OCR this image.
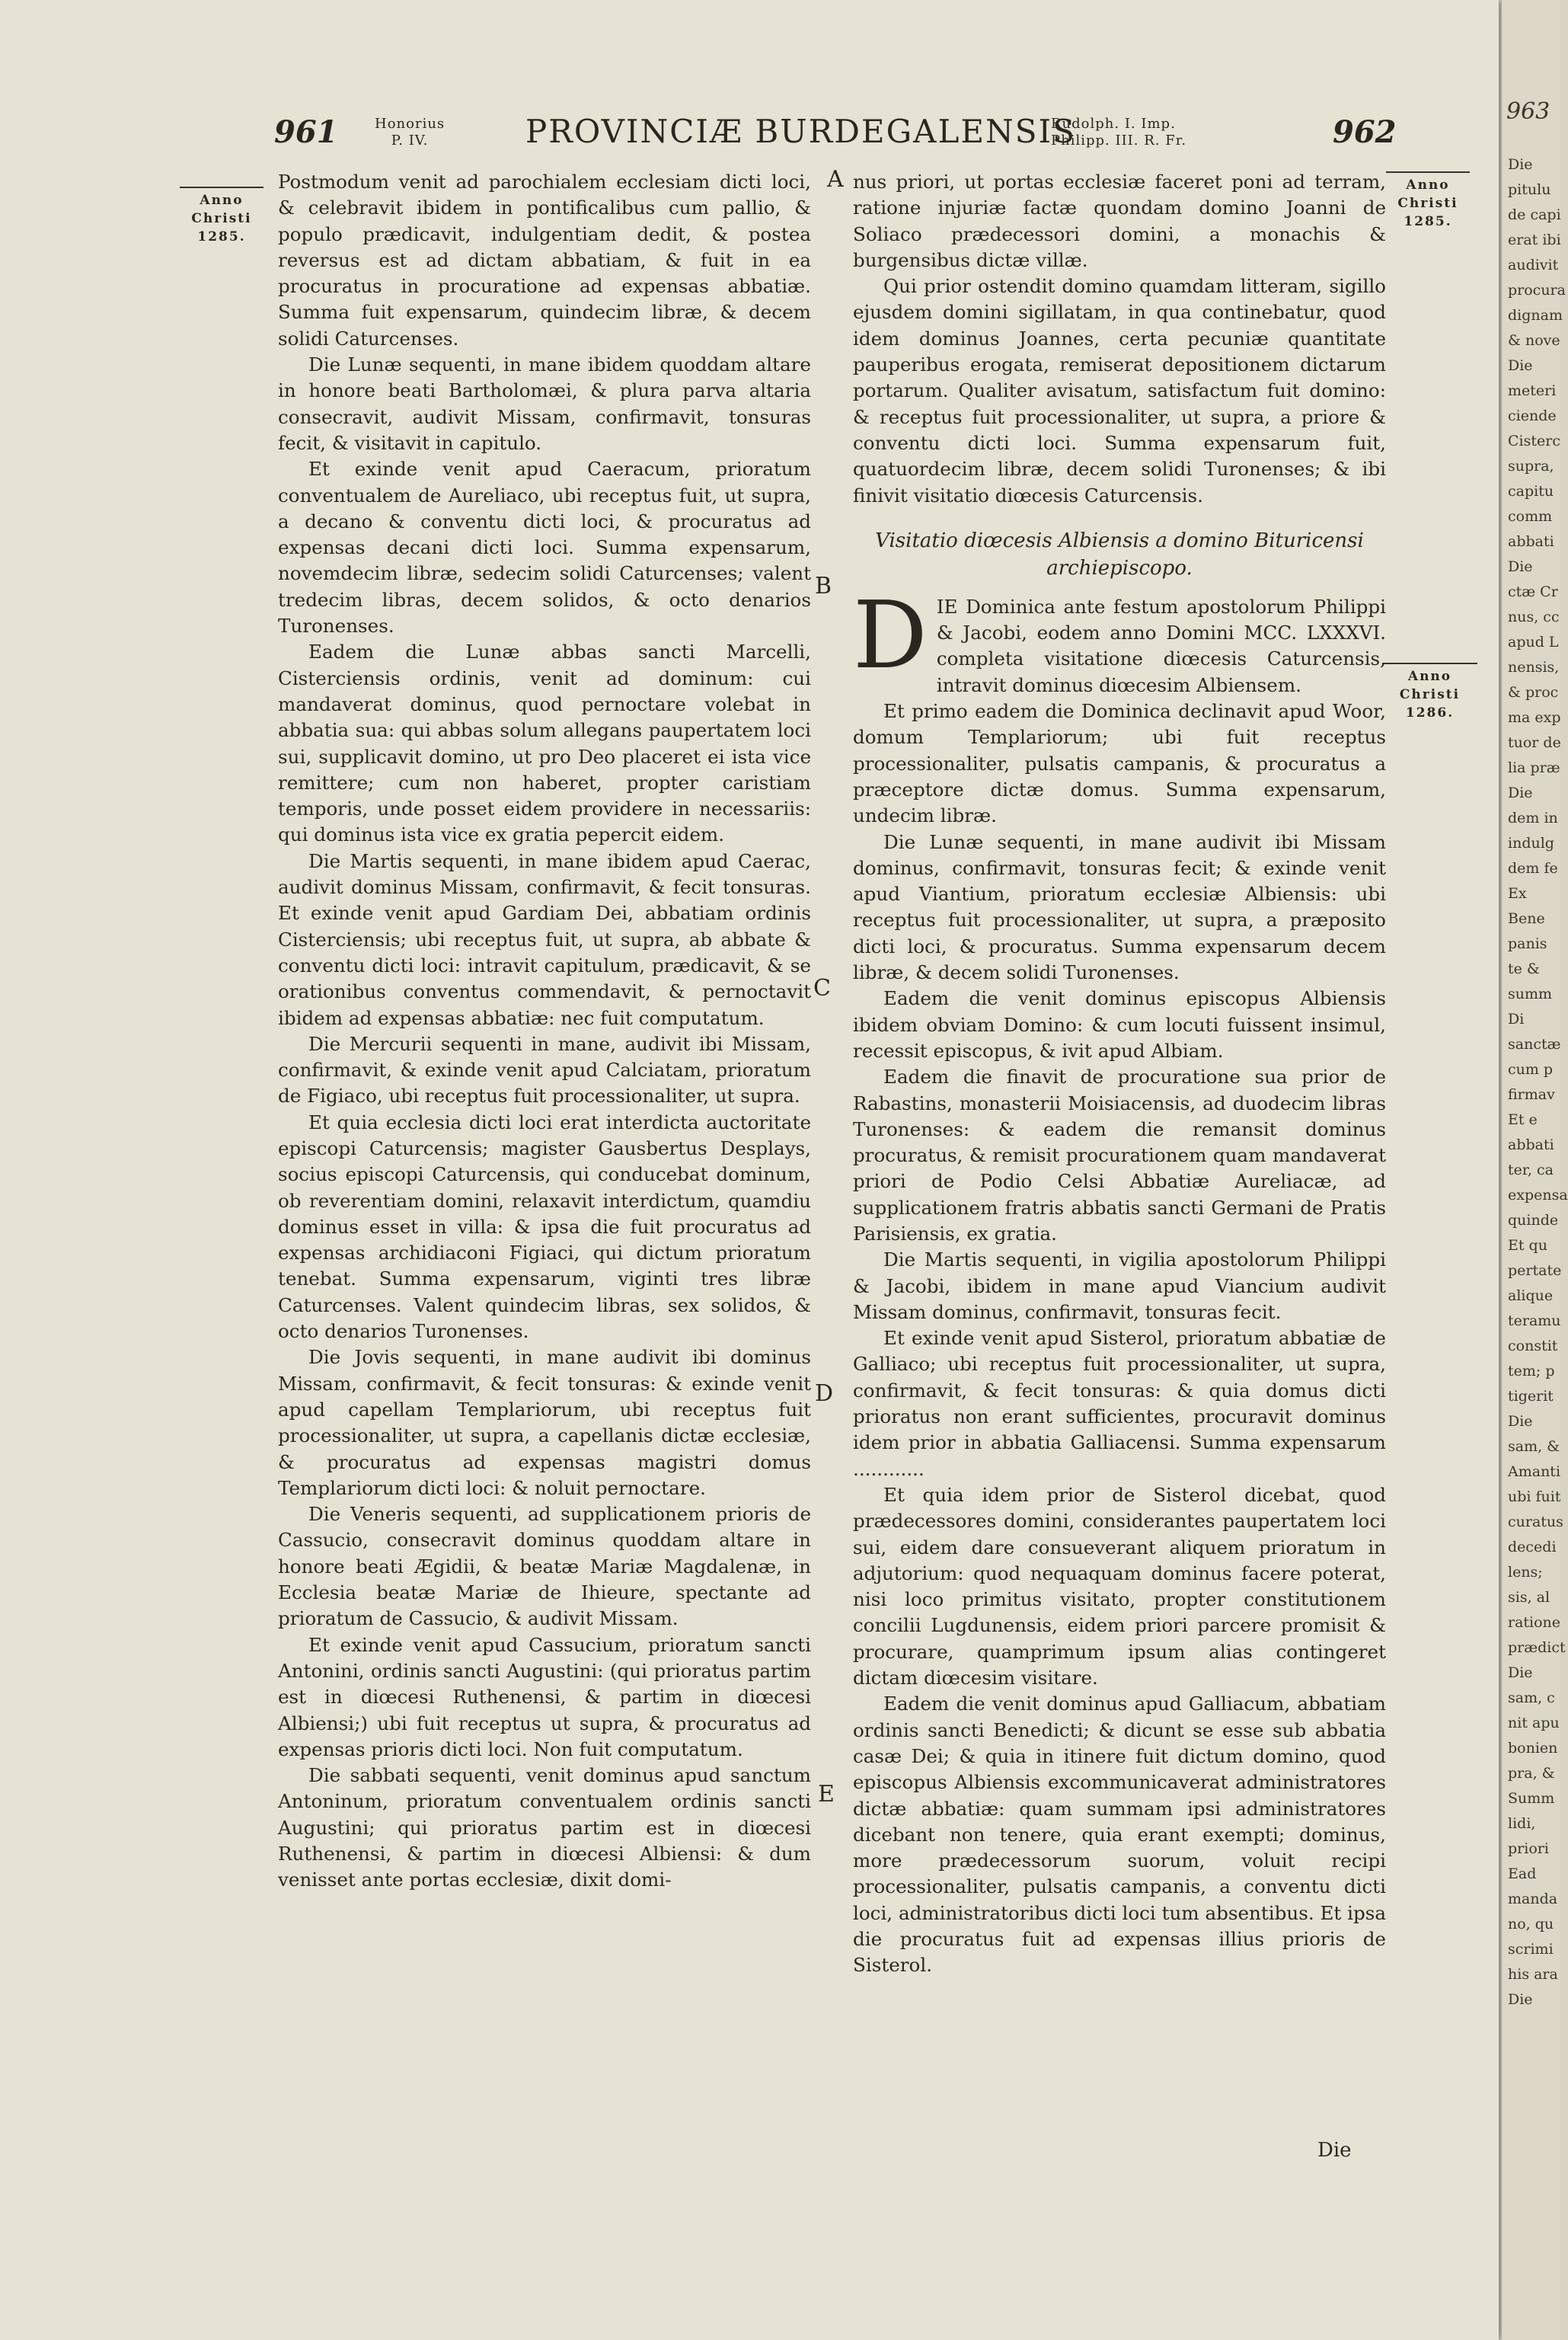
961	Honorius
P. IV.	PROVINCIÆ BURDEGALENSIS
Rudolph. I. Imp.
Philipp. III. R. Fr.	962
Anno
Christi
1285.
Anno
Christi
1285.
Anno
Christi
1286.
A
B
C
D
E

Postmodum venit ad parochialem ecclesiam dicti loci, & celebravit ibidem in pontificalibus cum pallio, & populo prædicavit, indulgentiam dedit, & postea reversus est ad dictam abbatiam, & fuit in ea procuratus in procuratione ad expensas abbatiæ. Summa fuit expensarum, quindecim libræ, & decem solidi Caturcenses.

Die Lunæ sequenti, in mane ibidem quoddam altare in honore beati Bartholomæi, & plura parva altaria consecravit, audivit Missam, confirmavit, tonsuras fecit, & visitavit in capitulo.

Et exinde venit apud Caeracum, prioratum conventualem de Aureliaco, ubi receptus fuit, ut supra, a decano & conventu dicti loci, & procuratus ad expensas decani dicti loci. Summa expensarum, novemdecim libræ, sedecim solidi Caturcenses; valent tredecim libras, decem solidos, & octo denarios Turonenses.

Eadem die Lunæ abbas sancti Marcelli, Cisterciensis ordinis, venit ad dominum: cui mandaverat dominus, quod pernoctare volebat in abbatia sua: qui abbas solum allegans paupertatem loci sui, supplicavit domino, ut pro Deo placeret ei ista vice remittere; cum non haberet, propter caristiam temporis, unde posset eidem providere in necessariis: qui dominus ista vice ex gratia pepercit eidem.

Die Martis sequenti, in mane ibidem apud Caerac, audivit dominus Missam, confirmavit, & fecit tonsuras. Et exinde venit apud Gardiam Dei, abbatiam ordinis Cisterciensis; ubi receptus fuit, ut supra, ab abbate & conventu dicti loci: intravit capitulum, prædicavit, & se orationibus conventus commendavit, & pernoctavit ibidem ad expensas abbatiæ: nec fuit computatum.

Die Mercurii sequenti in mane, audivit ibi Missam, confirmavit, & exinde venit apud Calciatam, prioratum de Figiaco, ubi receptus fuit processionaliter, ut supra.

Et quia ecclesia dicti loci erat interdicta auctoritate episcopi Caturcensis; magister Gausbertus Desplays, socius episcopi Caturcensis, qui conducebat dominum, ob reverentiam domini, relaxavit interdictum, quamdiu dominus esset in villa: & ipsa die fuit procuratus ad expensas archidiaconi Figiaci, qui dictum prioratum tenebat. Summa expensarum, viginti tres libræ Caturcenses. Valent quindecim libras, sex solidos, & octo denarios Turonenses.

Die Jovis sequenti, in mane audivit ibi dominus Missam, confirmavit, & fecit tonsuras: & exinde venit apud capellam Templariorum, ubi receptus fuit processionaliter, ut supra, a capellanis dictæ ecclesiæ, & procuratus ad expensas magistri domus Templariorum dicti loci: & noluit pernoctare.

Die Veneris sequenti, ad supplicationem prioris de Cassucio, consecravit dominus quoddam altare in honore beati Ægidii, & beatæ Mariæ Magdalenæ, in Ecclesia beatæ Mariæ de Ihieure, spectante ad prioratum de Cassucio, & audivit Missam.

Et exinde venit apud Cassucium, prioratum sancti Antonini, ordinis sancti Augustini: (qui prioratus partim est in diœcesi Ruthenensi, & partim in diœcesi Albiensi;) ubi fuit receptus ut supra, & procuratus ad expensas prioris dicti loci. Non fuit computatum.

Die sabbati sequenti, venit dominus apud sanctum Antoninum, prioratum conventualem ordinis sancti Augustini; qui prioratus partim est in diœcesi Ruthenensi, & partim in diœcesi Albiensi: & dum venisset ante portas ecclesiæ, dixit domi-

nus priori, ut portas ecclesiæ faceret poni ad terram, ratione injuriæ factæ quondam domino Joanni de Soliaco prædecessori domini, a monachis & burgensibus dictæ villæ.

Qui prior ostendit domino quamdam litteram, sigillo ejusdem domini sigillatam, in qua continebatur, quod idem dominus Joannes, certa pecuniæ quantitate pauperibus erogata, remiserat depositionem dictarum portarum. Qualiter avisatum, satisfactum fuit domino: & receptus fuit processionaliter, ut supra, a priore & conventu dicti loci. Summa expensarum fuit, quatuordecim libræ, decem solidi Turonenses; & ibi finivit visitatio diœcesis Caturcensis.

Visitatio diœcesis Albiensis a domino Bituricensi
archiepiscopo.

DIE Dominica ante festum apostolorum Philippi & Jacobi, eodem anno Domini MCC. LXXXVI. completa visitatione diœcesis Caturcensis, intravit dominus diœcesim Albiensem.

Et primo eadem die Dominica declinavit apud Woor, domum Templariorum; ubi fuit receptus processionaliter, pulsatis campanis, & procuratus a præceptore dictæ domus. Summa expensarum, undecim libræ.

Die Lunæ sequenti, in mane audivit ibi Missam dominus, confirmavit, tonsuras fecit; & exinde venit apud Viantium, prioratum ecclesiæ Albiensis: ubi receptus fuit processionaliter, ut supra, a præposito dicti loci, & procuratus. Summa expensarum decem libræ, & decem solidi Turonenses.

Eadem die venit dominus episcopus Albiensis ibidem obviam Domino: & cum locuti fuissent insimul, recessit episcopus, & ivit apud Albiam.

Eadem die finavit de procuratione sua prior de Rabastins, monasterii Moisiacensis, ad duodecim libras Turonenses: & eadem die remansit dominus procuratus, & remisit procurationem quam mandaverat priori de Podio Celsi Abbatiæ Aureliacæ, ad supplicationem fratris abbatis sancti Germani de Pratis Parisiensis, ex gratia.

Die Martis sequenti, in vigilia apostolorum Philippi & Jacobi, ibidem in mane apud Viancium audivit Missam dominus, confirmavit, tonsuras fecit.

Et exinde venit apud Sisterol, prioratum abbatiæ de Galliaco; ubi receptus fuit processionaliter, ut supra, confirmavit, & fecit tonsuras: & quia domus dicti prioratus non erant sufficientes, procuravit dominus idem prior in abbatia Galliacensi. Summa expensarum ............

Et quia idem prior de Sisterol dicebat, quod prædecessores domini, considerantes paupertatem loci sui, eidem dare consueverant aliquem prioratum in adjutorium: quod nequaquam dominus facere poterat, nisi loco primitus visitato, propter constitutionem concilii Lugdunensis, eidem priori parcere promisit & procurare, quamprimum ipsum alias contingeret dictam diœcesim visitare.

Eadem die venit dominus apud Galliacum, abbatiam ordinis sancti Benedicti; & dicunt se esse sub abbatia casæ Dei; & quia in itinere fuit dictum domino, quod episcopus Albiensis excommunicaverat administratores dictæ abbatiæ: quam summam ipsi administratores dicebant non tenere, quia erant exempti; dominus, more prædecessorum suorum, voluit recipi processionaliter, pulsatis campanis, a conventu dicti loci, administratoribus dicti loci tum absentibus. Et ipsa die procuratus fuit ad expensas illius prioris de Sisterol.

Die
963
Die
pitulu
de capi
erat ibi
audivit
procura
dignam
& nove
Die
meteri
ciende
Cisterc
supra,
capitu
comm
abbati
Die
ctæ Cr
nus, cc
apud L
nensis,
& proc
ma exp
tuor de
lia præ
Die
dem in
indulg
dem fe
Ex
Bene
panis
te &
summ
Di
sanctæ
cum p
firmav
Et e
abbati
ter, ca
expensa
quinde
Et qu
pertate
alique
teramu
constit
tem; p
tigerit
Die
sam, &
Amanti
ubi fuit
curatus
decedi
lens;
sis, al
ratione
prædict
Die
sam, c
nit apu
bonien
pra, &
Summ
lidi,
priori
Ead
manda
no, qu
scrimi
his ara
Die
